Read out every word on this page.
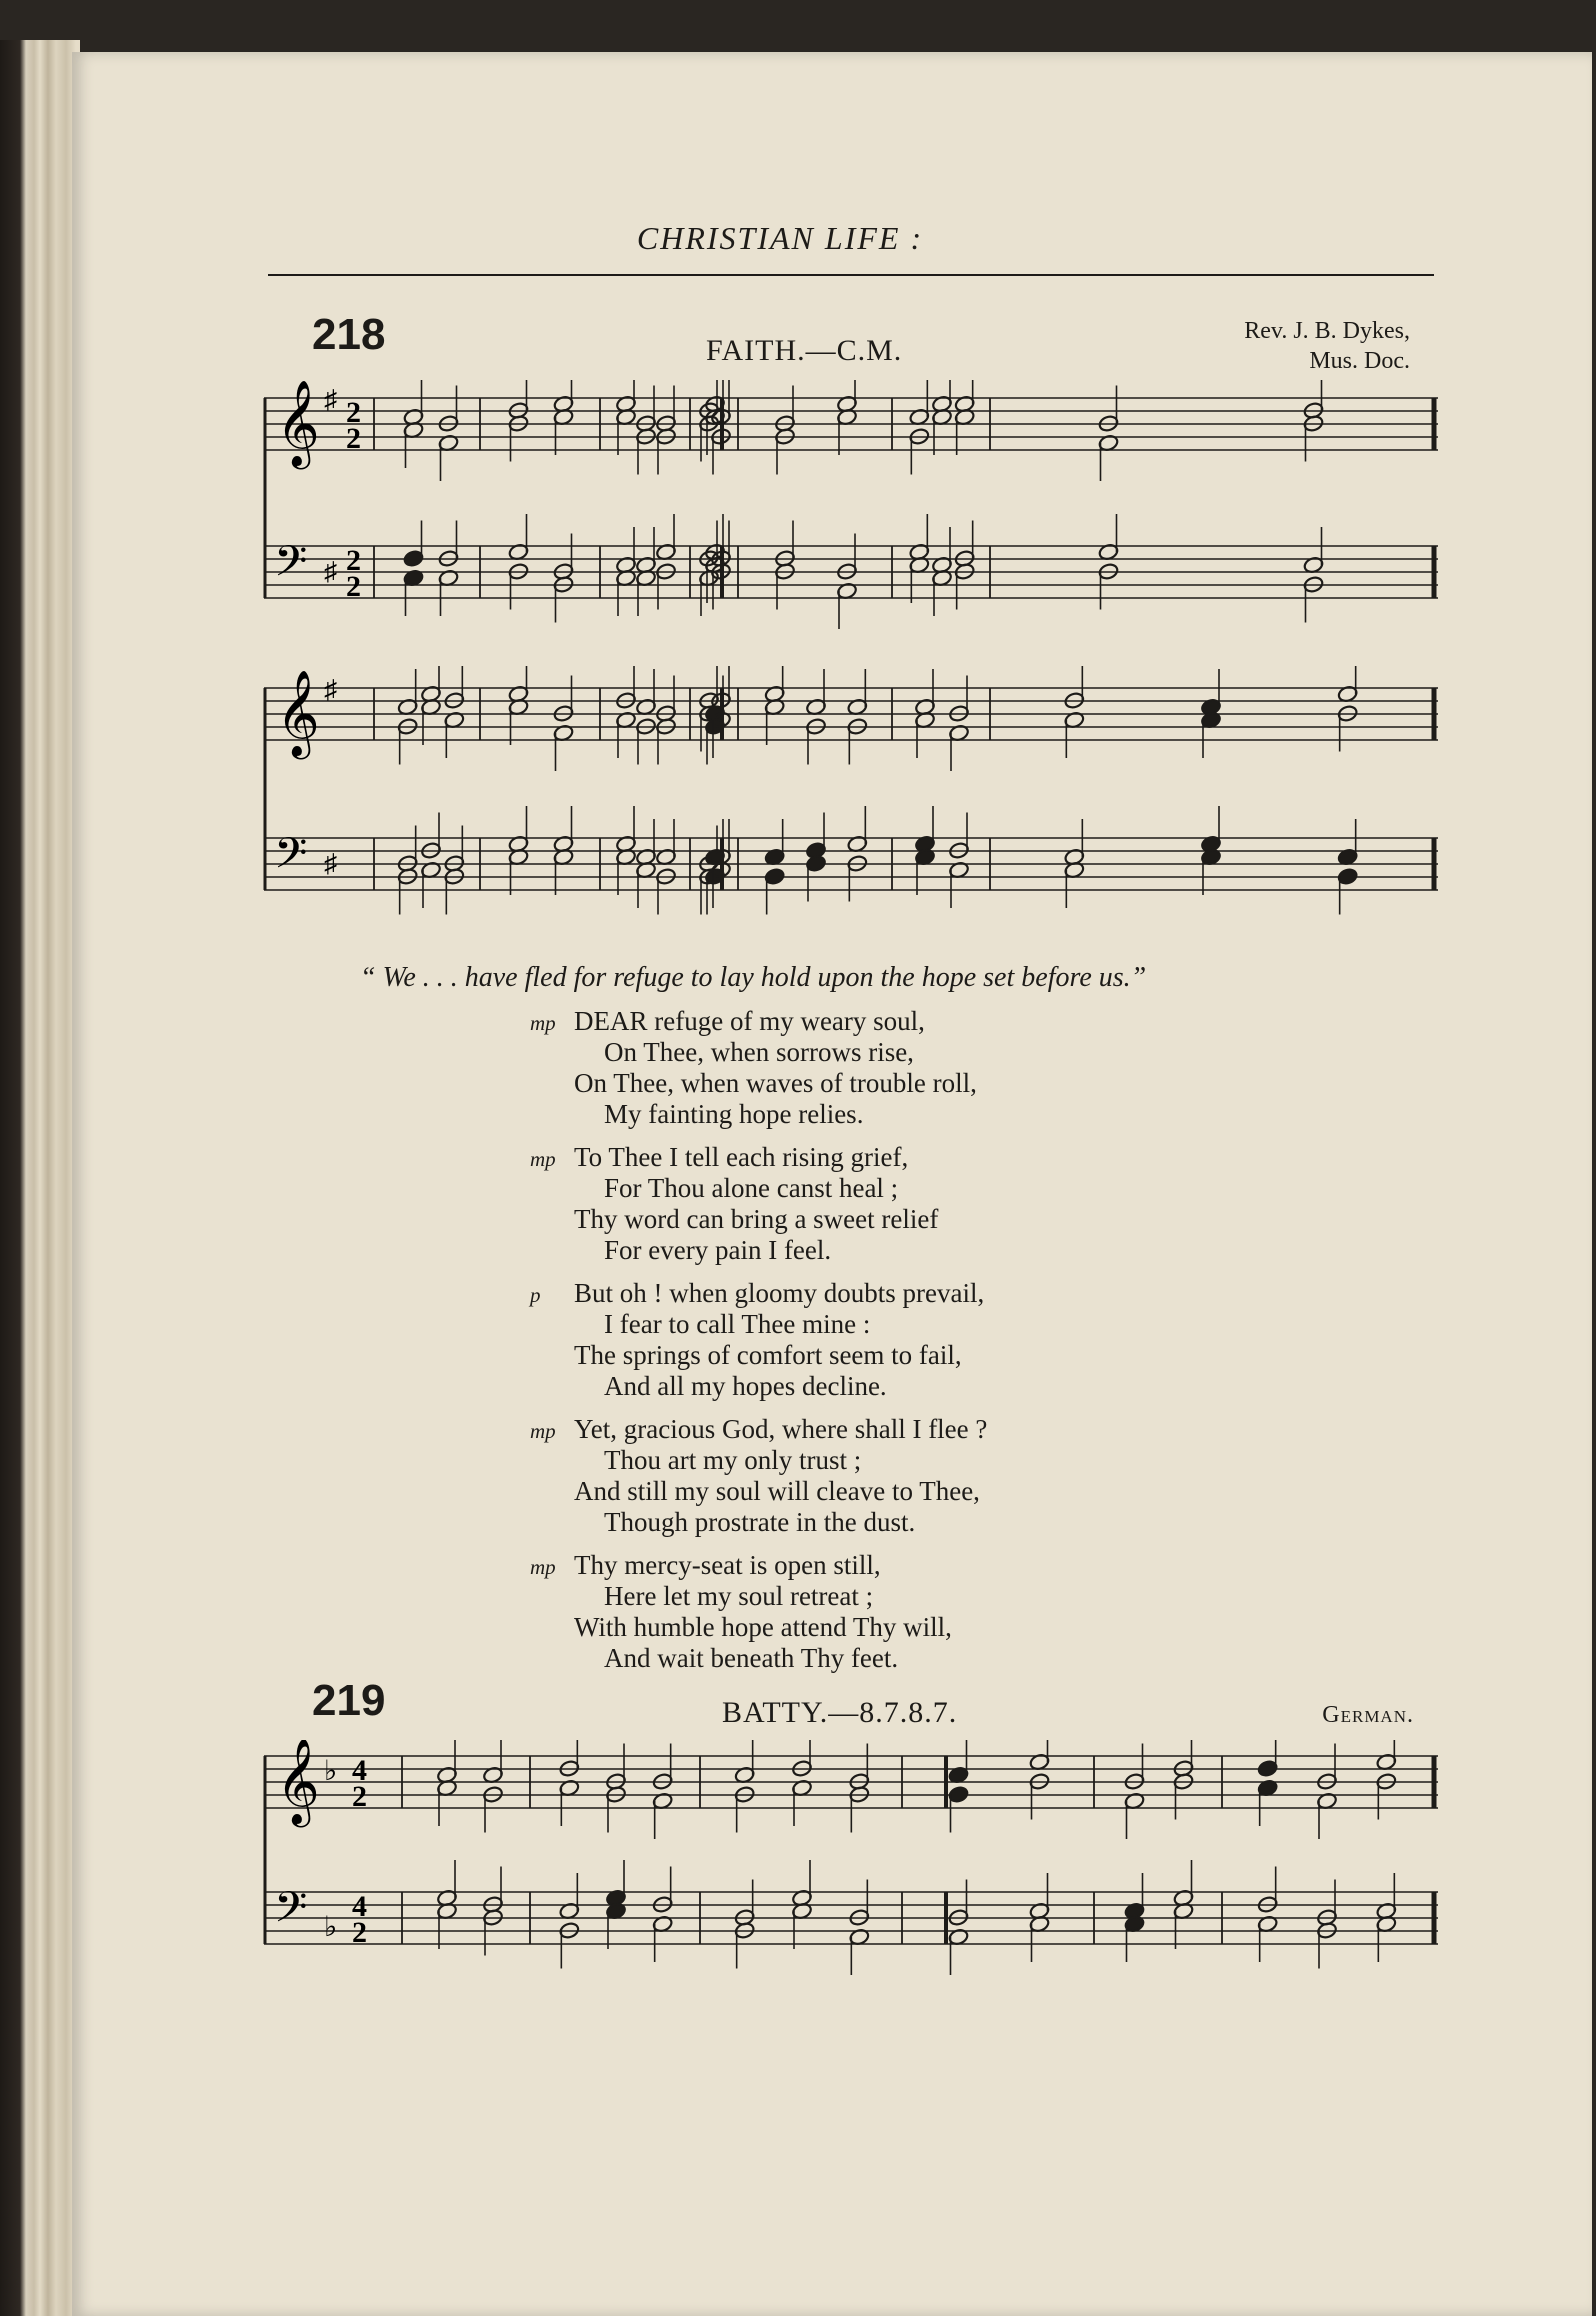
CHRISTIAN LIFE :
218	FAITH.—C.M.
Rev. J. B. Dykes,
Mus. Doc.
𝄞
𝄢
♯
♯
2
2
2
2
𝄞
𝄢
♯
♯
“ We . . . have fled for refuge to lay hold upon the hope set before us.”
mp DEAR refuge of my weary soul,
On Thee, when sorrows rise,
On Thee, when waves of trouble roll,
My fainting hope relies.
mp To Thee I tell each rising grief,
For Thou alone canst heal ;
Thy word can bring a sweet relief
For every pain I feel.
p But oh ! when gloomy doubts prevail,
I fear to call Thee mine :
The springs of comfort seem to fail,
And all my hopes decline.
mp Yet, gracious God, where shall I flee ?
Thou art my only trust ;
And still my soul will cleave to Thee,
Though prostrate in the dust.
mp Thy mercy-seat is open still,
Here let my soul retreat ;
With humble hope attend Thy will,
And wait beneath Thy feet.
219	BATTY.—8.7.8.7.	German.
𝄞
𝄢
♭
♭
4
2
4
2
